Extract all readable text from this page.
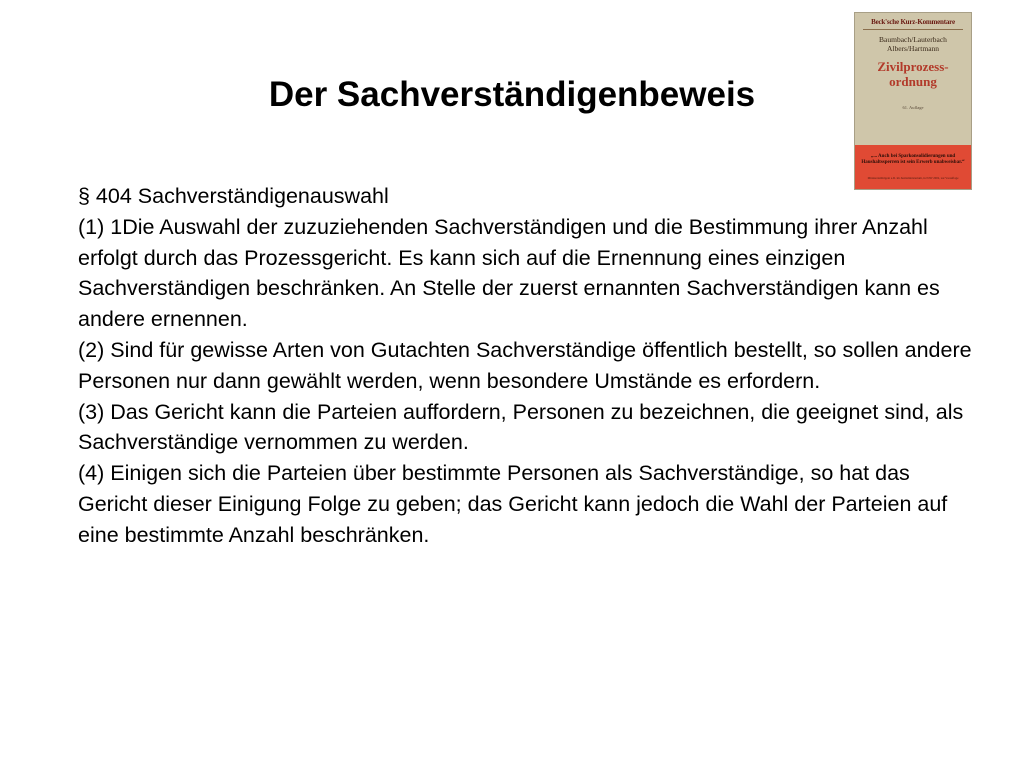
Der Sachverständigenbeweis

§ 404 Sachverständigenauswahl

(1) 1Die Auswahl der zuzuziehenden Sachverständigen und die Bestimmung ihrer Anzahl erfolgt durch das Prozessgericht. Es kann sich auf die Ernennung eines einzigen Sachverständigen beschränken. An Stelle der zuerst ernannten Sachverständigen kann es andere ernennen.

(2) Sind für gewisse Arten von Gutachten Sachverständige öffentlich bestellt, so sollen andere Personen nur dann gewählt werden, wenn besondere Umstände es erfordern.

(3) Das Gericht kann die Parteien auffordern, Personen zu bezeichnen, die geeignet sind, als Sachverständige vernommen zu werden.

(4) Einigen sich die Parteien über bestimmte Personen als Sachverständige, so hat das Gericht dieser Einigung Folge zu geben; das Gericht kann jedoch die Wahl der Parteien auf eine bestimmte Anzahl beschränken.

Beck'sche Kurz-Kommentare
Baumbach/Lauterbach
Albers/Hartmann
Zivilprozess-
ordnung
61. Auflage
„... Auch bei Sparkonsolidierungen und Haushaltssperren ist sein Erwerb unabweisbar.“
Ministerialdirigent a.D. im Justizministerium, in NJW 2002, zur Vorauflage
